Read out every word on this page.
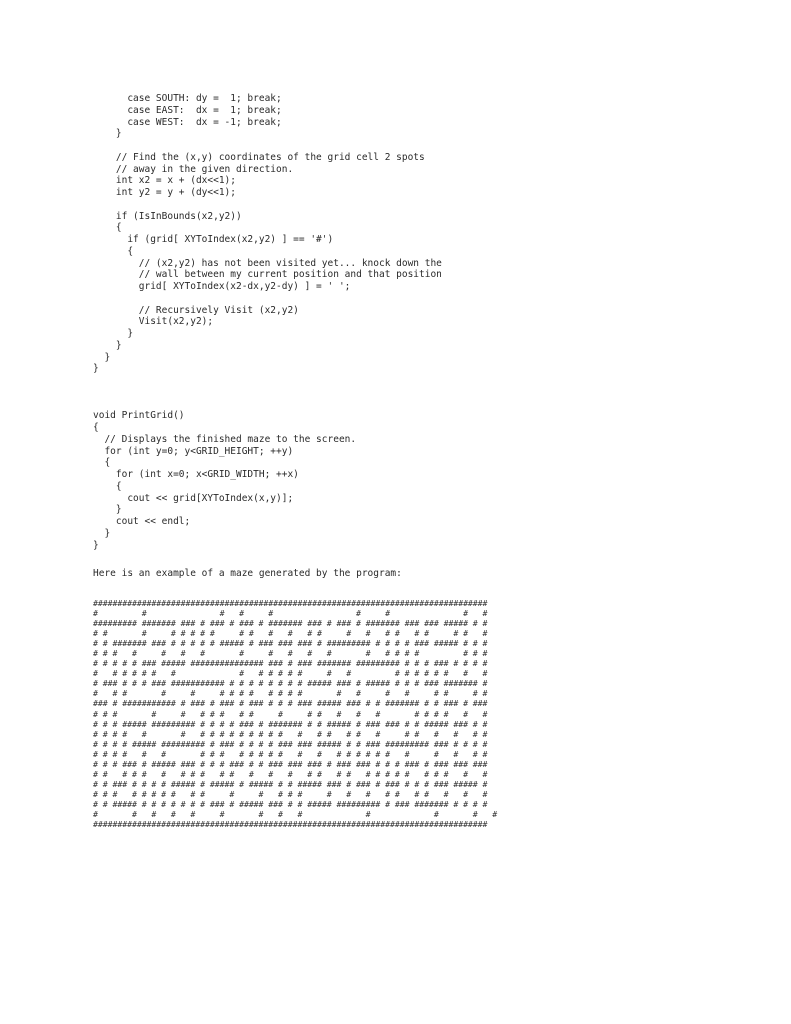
case SOUTH: dy =  1; break;
case EAST:  dx =  1; break;
case WEST:  dx = -1; break;
}
// Find the (x,y) coordinates of the grid cell 2 spots
// away in the given direction.
int x2 = x + (dx<<1);
int y2 = y + (dy<<1);
if (IsInBounds(x2,y2))
{
if (grid[ XYToIndex(x2,y2) ] == '#')
{
// (x2,y2) has not been visited yet... knock down the
// wall between my current position and that position
grid[ XYToIndex(x2-dx,y2-dy) ] = ' ';
// Recursively Visit (x2,y2)
Visit(x2,y2);
}
}
}
}
void PrintGrid()
{
// Displays the finished maze to the screen.
for (int y=0; y<GRID_HEIGHT; ++y)
{
for (int x=0; x<GRID_WIDTH; ++x)
{
cout << grid[XYToIndex(x,y)];
}
cout << endl;
}
}
Here is an example of a maze generated by the program:
#################################################################################
#         #               #   #     #                 #     #               #   #
######### ####### ### # ### # ### # ####### ### # ### # ####### ### ### ##### # #
# #       #     # # # # #     # #   #   #   # #     #   #   # #   # #     # #   #
# # ####### ### # # # # # ##### # ### ### ### # ######### # # # # ### ##### # # #
# # #   #     #   #   #       #     #   #   #   #       #   # # # #         # # #
# # # # # ### ##### ############### ### # ### ####### ######### # # # ### # # # #
#   # # # # #   #             #   # # # # #     #   #         # # # # # #   #   #
# ### # # # ### ########### # # # # # # # # ##### ### # ##### # # # ### ####### #
#   # #       #     #     # # # #   # # # #       #   #     #   #     # #     # #
### # ########### # ### # ### # ### # # # ### ##### ### # # ####### # # ### # ###
# # #       #     #   # # #   # #     #     # #   #   #   #       # # # #   #   #
# # # ##### ######### # # # # ### # ####### # # ##### # ### ### # # ##### ### # #
# # # #   #       #   # # # # # # # # #   #   # #   # #   #     # #   #   #   # #
# # # # ##### ######### # ### # # # # ### ### ##### # # ### ######### ### # # # #
# # # #   #   #       # # #   # # # # #   #   #   # # # # # #   #     #   #   # #
# # # ### # ##### ### # # # ### # # ### ### ### # ### ### # # # ### # ### ### ###
# #   # # #   #   # # #   # #   #   #   #   # #   # #   # # # # #   # # #   #   #
# # ### # # # # ##### # ##### # ##### # # ##### ### # ### # ### # # # ### ##### #
# # #   # # # # #   # #     #     #   # # #     #   #   #   # #   # #   #   #   #
# # ##### # # # # # # # ### # ##### ### # # ##### ######### # ### ####### # # # #
#       #   #   #   #     #       #   #   #             #             #       #   #
#################################################################################
